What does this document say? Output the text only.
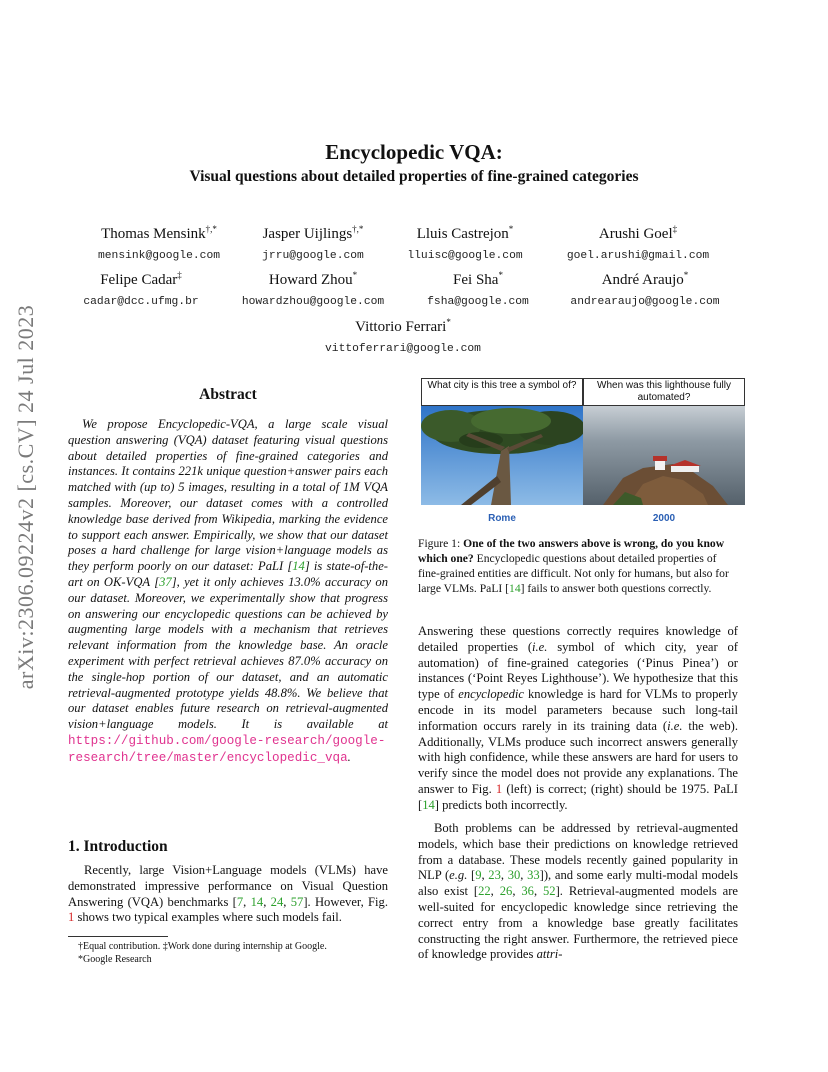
arXiv:2306.09224v2 [cs.CV] 24 Jul 2023
Encyclopedic VQA:
Visual questions about detailed properties of fine-grained categories
Thomas Mensink†,*
mensink@google.com
Jasper Uijlings†,*
jrru@google.com
Lluis Castrejon*
lluisc@google.com
Arushi Goel‡
goel.arushi@gmail.com
Felipe Cadar‡
cadar@dcc.ufmg.br
Howard Zhou*
howardzhou@google.com
Fei Sha*
fsha@google.com
André Araujo*
andrearaujo@google.com
Vittorio Ferrari*
vittoferrari@google.com
Abstract
We propose Encyclopedic-VQA, a large scale visual question answering (VQA) dataset featuring visual questions about detailed properties of fine-grained categories and instances. It contains 221k unique question+answer pairs each matched with (up to) 5 images, resulting in a total of 1M VQA samples. Moreover, our dataset comes with a controlled knowledge base derived from Wikipedia, marking the evidence to support each answer. Empirically, we show that our dataset poses a hard challenge for large vision+language models as they perform poorly on our dataset: PaLI [14] is state-of-the-art on OK-VQA [37], yet it only achieves 13.0% accuracy on our dataset. Moreover, we experimentally show that progress on answering our encyclopedic questions can be achieved by augmenting large models with a mechanism that retrieves relevant information from the knowledge base. An oracle experiment with perfect retrieval achieves 87.0% accuracy on the single-hop portion of our dataset, and an automatic retrieval-augmented prototype yields 48.8%. We believe that our dataset enables future research on retrieval-augmented vision+language models. It is available at https://github.com/google-research/google-research/tree/master/encyclopedic_vqa.
1. Introduction
Recently, large Vision+Language models (VLMs) have demonstrated impressive performance on Visual Question Answering (VQA) benchmarks [7, 14, 24, 57]. However, Fig. 1 shows two typical examples where such models fail.
†Equal contribution. ‡Work done during internship at Google.
*Google Research
What city is this tree a symbol of?
Rome
When was this lighthouse fully automated?
2000
Figure 1: One of the two answers above is wrong, do you know which one? Encyclopedic questions about detailed properties of fine-grained entities are difficult. Not only for humans, but also for large VLMs. PaLI [14] fails to answer both questions correctly.
Answering these questions correctly requires knowledge of detailed properties (i.e. symbol of which city, year of automation) of fine-grained categories (‘Pinus Pinea’) or instances (‘Point Reyes Lighthouse’). We hypothesize that this type of encyclopedic knowledge is hard for VLMs to properly encode in its model parameters because such long-tail information occurs rarely in its training data (i.e. the web). Additionally, VLMs produce such incorrect answers generally with high confidence, while these answers are hard for users to verify since the model does not provide any explanations. The answer to Fig. 1 (left) is correct; (right) should be 1975. PaLI [14] predicts both incorrectly.
Both problems can be addressed by retrieval-augmented models, which base their predictions on knowledge retrieved from a database. These models recently gained popularity in NLP (e.g. [9, 23, 30, 33]), and some early multi-modal models also exist [22, 26, 36, 52]. Retrieval-augmented models are well-suited for encyclopedic knowledge since retrieving the correct entry from a knowledge base greatly facilitates constructing the right answer. Furthermore, the retrieved piece of knowledge provides attri-
